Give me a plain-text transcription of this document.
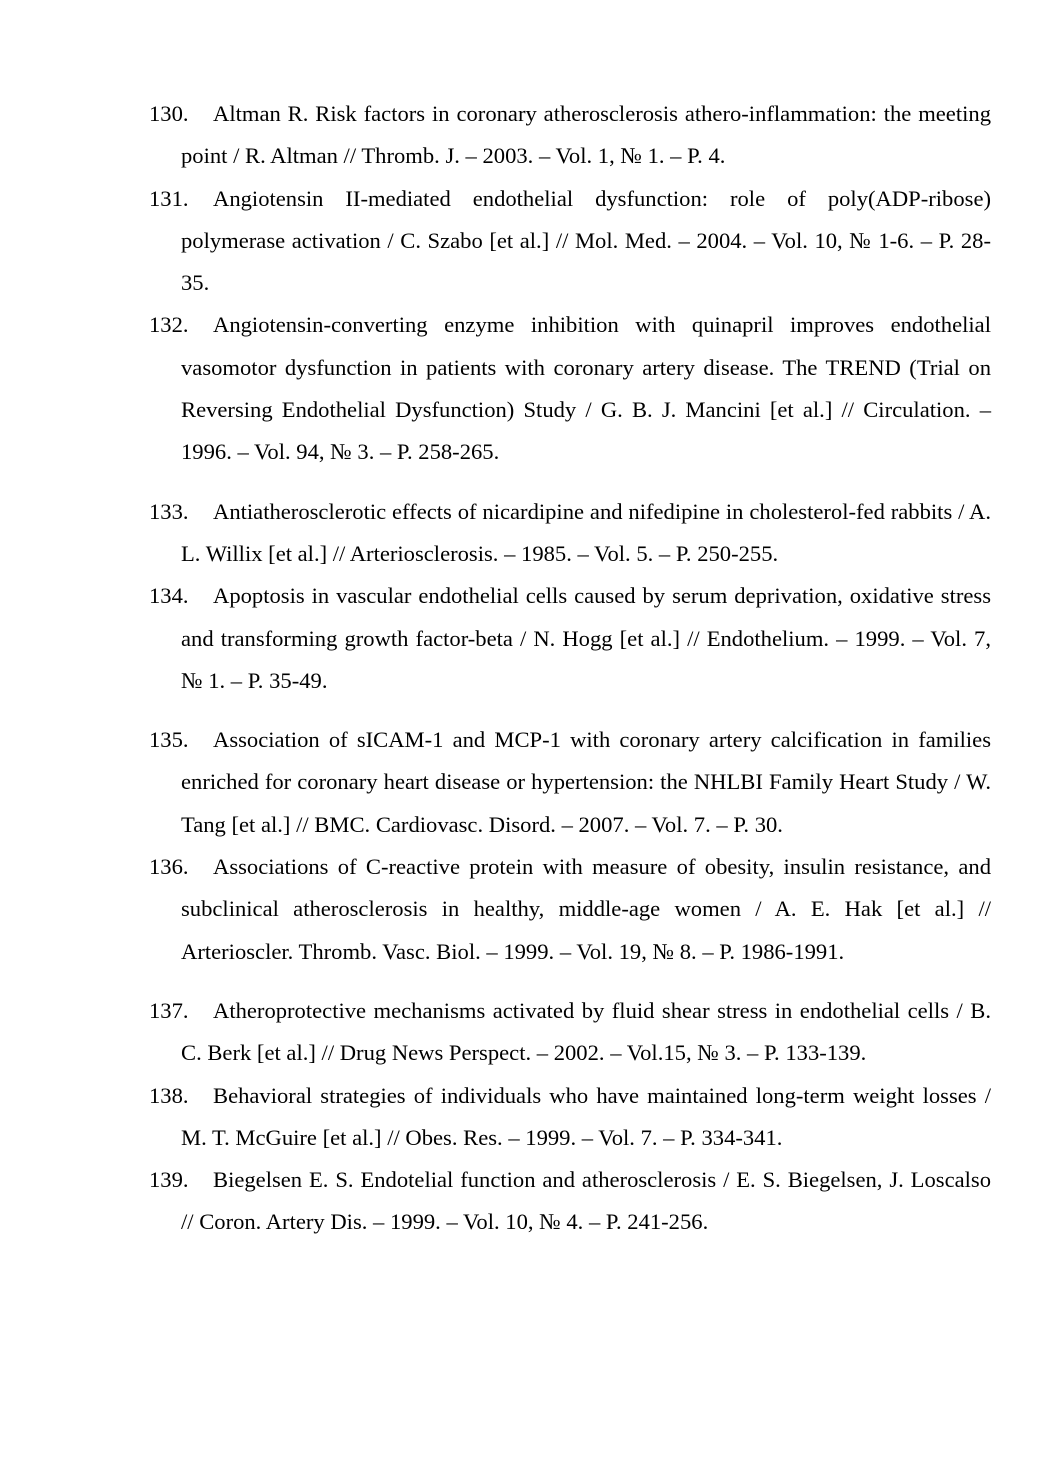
130. Altman R. Risk factors in coronary atherosclerosis athero-inflammation: the meeting point / R. Altman // Thromb. J. – 2003. – Vol. 1, № 1. – P. 4.
131. Angiotensin II-mediated endothelial dysfunction: role of poly(ADP-ribose) polymerase activation / C. Szabo [et al.] // Mol. Med. – 2004. – Vol. 10, № 1-6. – P. 28-35.
132. Angiotensin-converting enzyme inhibition with quinapril improves endothelial vasomotor dysfunction in patients with coronary artery disease. The TREND (Trial on Reversing Endothelial Dysfunction) Study / G. B. J. Mancini [et al.] // Circulation. – 1996. – Vol. 94, № 3. – P. 258-265.
133. Antiatherosclerotic effects of nicardipine and nifedipine in cholesterol-fed rabbits / A. L. Willix [et al.] // Arteriosclerosis. – 1985. – Vol. 5. – P. 250-255.
134. Apoptosis in vascular endothelial cells caused by serum deprivation, oxidative stress and transforming growth factor-beta / N. Hogg [et al.] // Endothelium. – 1999. – Vol. 7, № 1. – P. 35-49.
135. Association of sICAM-1 and MCP-1 with coronary artery calcification in families enriched for coronary heart disease or hypertension: the NHLBI Family Heart Study / W. Tang [et al.] // BMC. Cardiovasc. Disord. – 2007. – Vol. 7. – P. 30.
136. Associations of C-reactive protein with measure of obesity, insulin resistance, and subclinical atherosclerosis in healthy, middle-age women / A. E. Hak [et al.] // Arterioscler. Thromb. Vasc. Biol. – 1999. – Vol. 19, № 8. – P. 1986-1991.
137. Atheroprotective mechanisms activated by fluid shear stress in endothelial cells / B. C. Berk [et al.] // Drug News Perspect. – 2002. – Vol.15, № 3. – P. 133-139.
138. Behavioral strategies of individuals who have maintained long-term weight losses / M. T. McGuire [et al.] // Obes. Res. – 1999. – Vol. 7. – P. 334-341.
139. Biegelsen E. S. Endotelial function and atherosclerosis / E. S. Biegelsen, J. Loscalso // Coron. Artery Dis. – 1999. – Vol. 10, № 4. – P. 241-256.
